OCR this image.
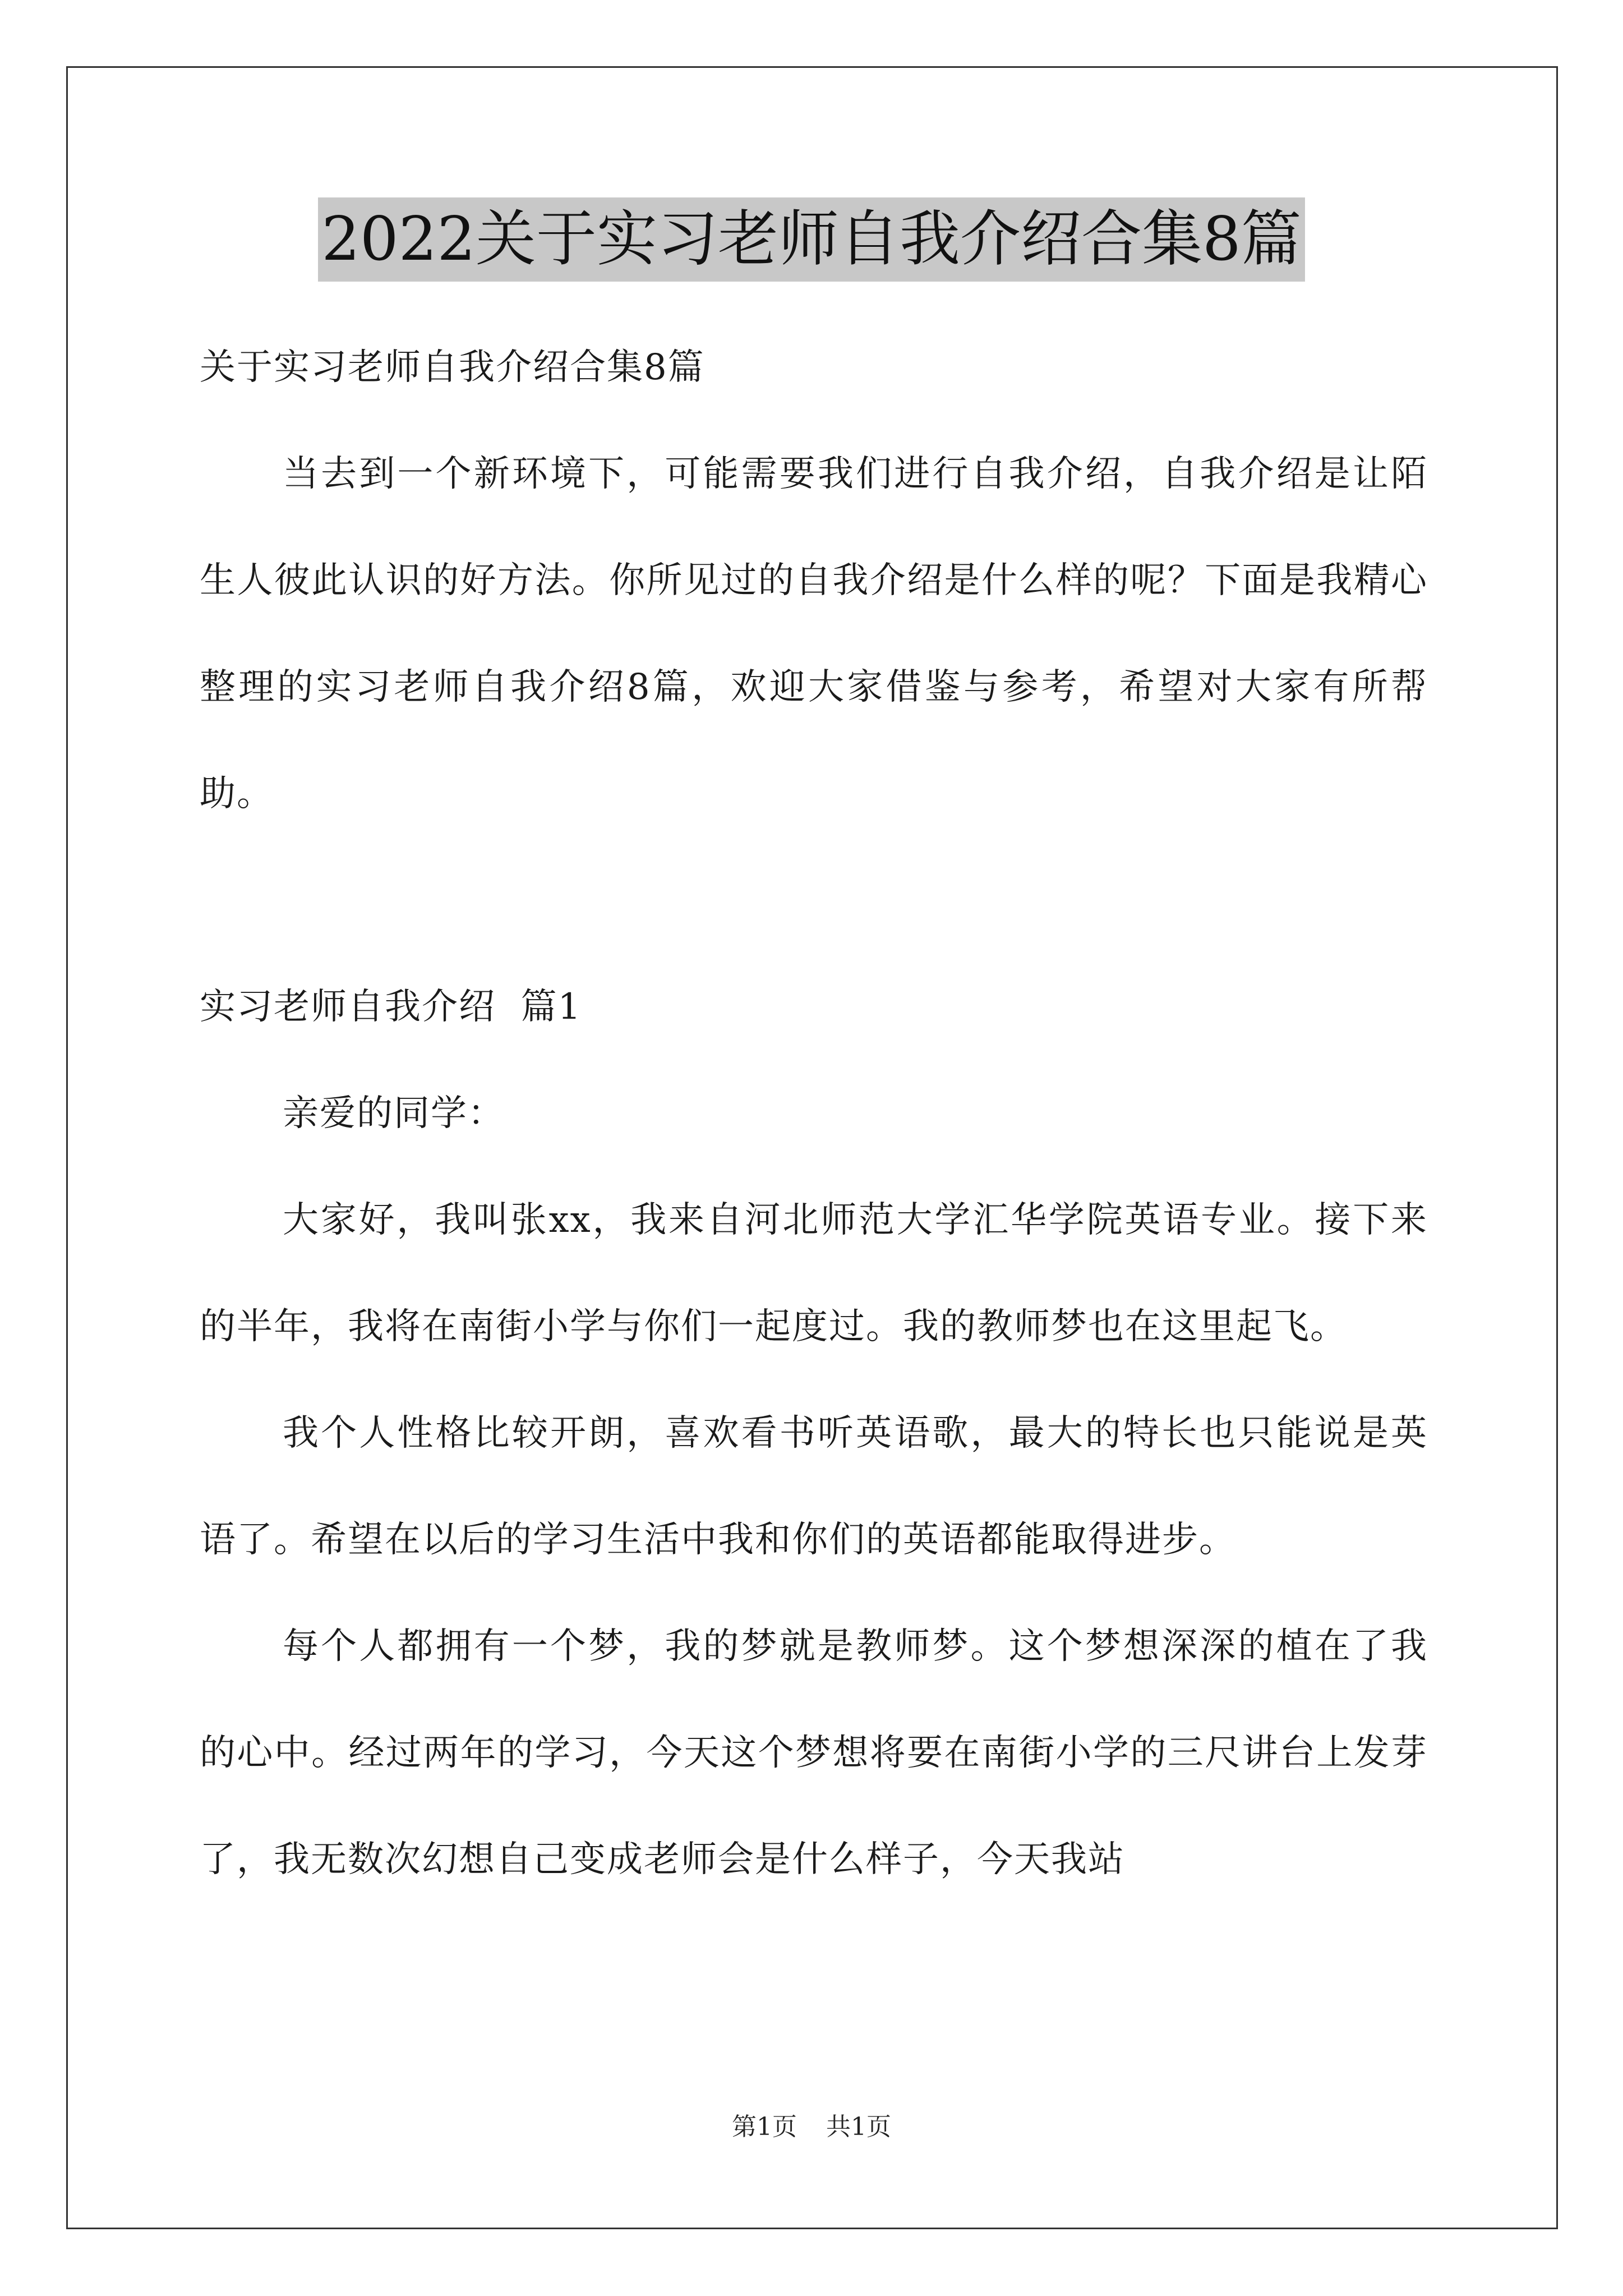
2022关于实习老师自我介绍合集8篇

关于实习老师自我介绍合集8篇

当去到一个新环境下，可能需要我们进行自我介绍，自我介绍是让陌生人彼此认识的好方法。你所见过的自我介绍是什么样的呢？下面是我精心整理的实习老师自我介绍8篇，欢迎大家借鉴与参考，希望对大家有所帮助。

实习老师自我介绍  篇1

亲爱的同学：

大家好，我叫张xx，我来自河北师范大学汇华学院英语专业。接下来的半年，我将在南街小学与你们一起度过。我的教师梦也在这里起飞。

我个人性格比较开朗，喜欢看书听英语歌，最大的特长也只能说是英语了。希望在以后的学习生活中我和你们的英语都能取得进步。

每个人都拥有一个梦，我的梦就是教师梦。这个梦想深深的植在了我的心中。经过两年的学习，今天这个梦想将要在南街小学的三尺讲台上发芽了，我无数次幻想自己变成老师会是什么样子，今天我站

第1页 共1页
